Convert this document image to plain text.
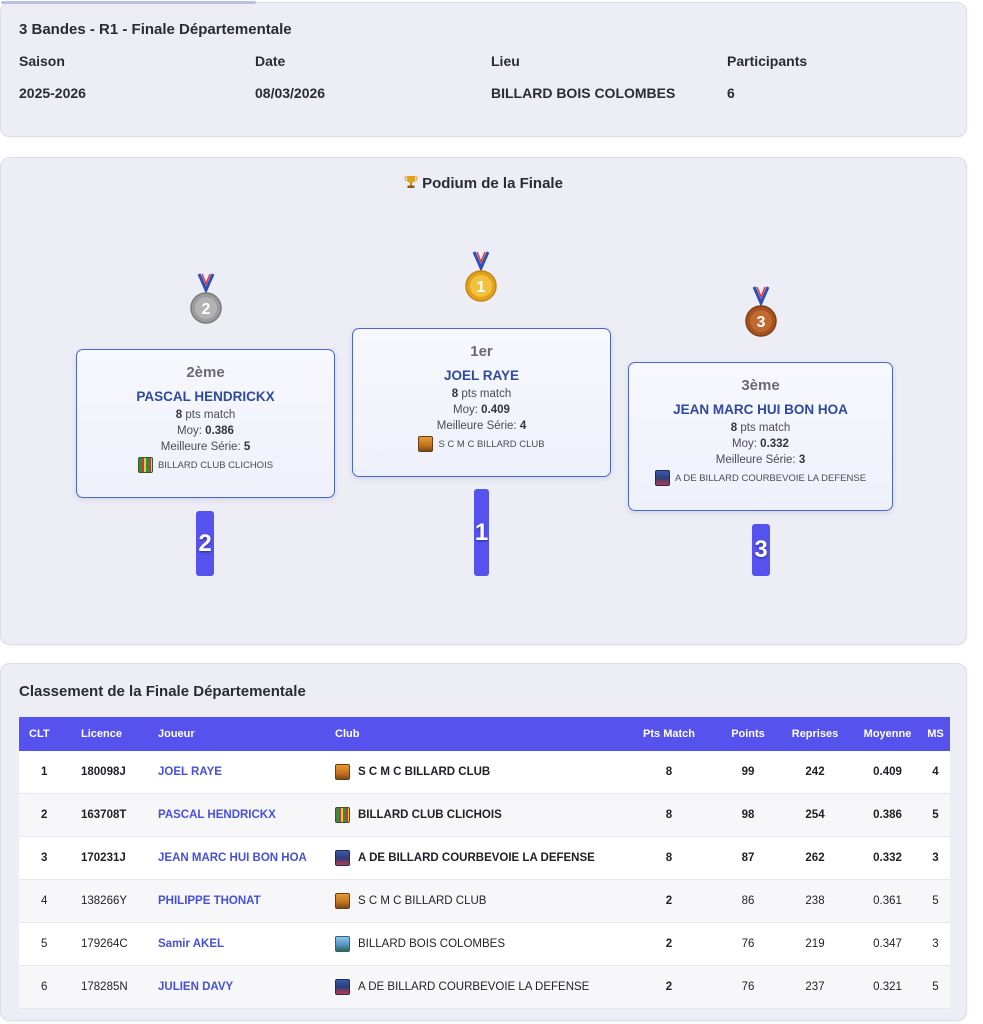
3 Bandes - R1 - Finale Départementale
Saison
2025-2026
Date
08/03/2026
Lieu
BILLARD BOIS COLOMBES
Participants
6
Podium de la Finale
2
1
3
2ème
PASCAL HENDRICKX
8 pts match
Moy: 0.386
Meilleure Série: 5
BILLARD CLUB CLICHOIS
1er
JOEL RAYE
8 pts match
Moy: 0.409
Meilleure Série: 4
S C M C BILLARD CLUB
3ème
JEAN MARC HUI BON HOA
8 pts match
Moy: 0.332
Meilleure Série: 3
A DE BILLARD COURBEVOIE LA DEFENSE
2	1
3
Classement de la Finale Départementale
CLT	Licence	Joueur	Club	Pts Match	Points	Reprises	Moyenne	MS
1	180098J	JOEL RAYE		S C M C BILLARD CLUB	8	99	242	0.409	4
2	163708T	PASCAL HENDRICKX		BILLARD CLUB CLICHOIS	8	98	254	0.386	5
3	170231J	JEAN MARC HUI BON HOA		A DE BILLARD COURBEVOIE LA DEFENSE	8	87	262	0.332	3
4	138266Y	PHILIPPE THONAT		S C M C BILLARD CLUB	2	86	238	0.361	5
5	179264C	Samir AKEL		BILLARD BOIS COLOMBES	2	76	219	0.347	3
6	178285N	JULIEN DAVY		A DE BILLARD COURBEVOIE LA DEFENSE	2	76	237	0.321	5
